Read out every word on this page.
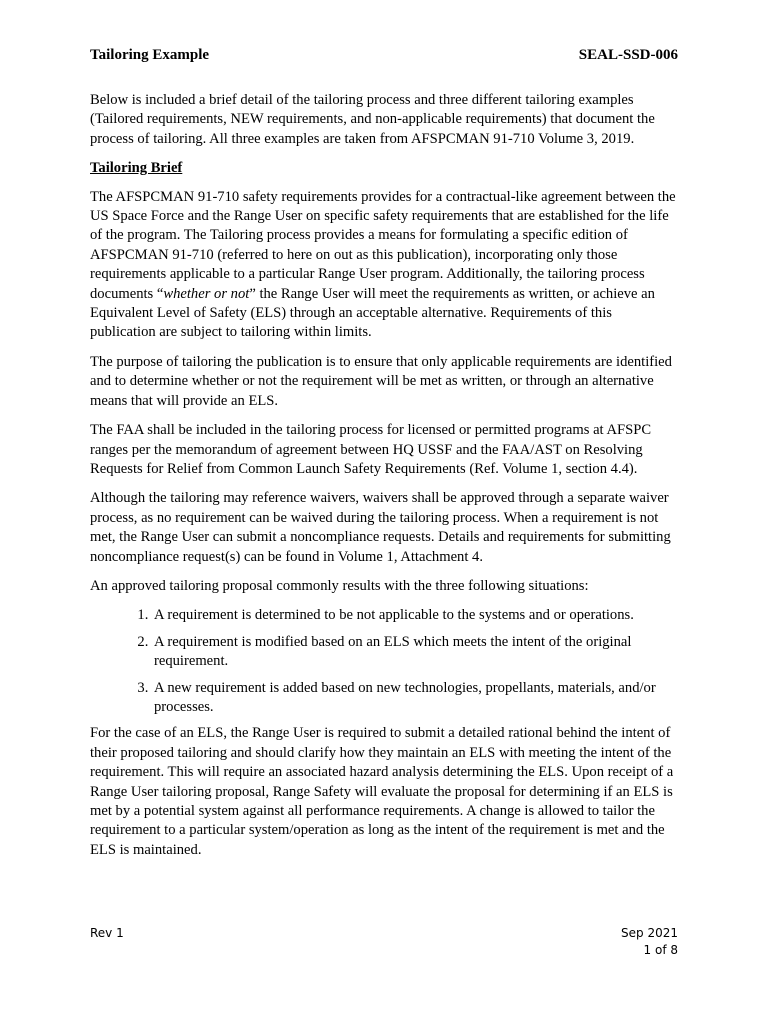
Tailoring Example	SEAL-SSD-006

Below is included a brief detail of the tailoring process and three different tailoring examples (Tailored requirements, NEW requirements, and non-applicable requirements) that document the process of tailoring. All three examples are taken from AFSPCMAN 91-710 Volume 3, 2019.

Tailoring Brief

The AFSPCMAN 91-710 safety requirements provides for a contractual-like agreement between the US Space Force and the Range User on specific safety requirements that are established for the life of the program. The Tailoring process provides a means for formulating a specific edition of AFSPCMAN 91-710 (referred to here on out as this publication), incorporating only those requirements applicable to a particular Range User program. Additionally, the tailoring process documents “whether or not” the Range User will meet the requirements as written, or achieve an Equivalent Level of Safety (ELS) through an acceptable alternative. Requirements of this publication are subject to tailoring within limits.

The purpose of tailoring the publication is to ensure that only applicable requirements are identified and to determine whether or not the requirement will be met as written, or through an alternative means that will provide an ELS.

The FAA shall be included in the tailoring process for licensed or permitted programs at AFSPC ranges per the memorandum of agreement between HQ USSF and the FAA/AST on Resolving Requests for Relief from Common Launch Safety Requirements (Ref. Volume 1, section 4.4).

Although the tailoring may reference waivers, waivers shall be approved through a separate waiver process, as no requirement can be waived during the tailoring process. When a requirement is not met, the Range User can submit a noncompliance requests. Details and requirements for submitting noncompliance request(s) can be found in Volume 1, Attachment 4.

An approved tailoring proposal commonly results with the three following situations:

1. A requirement is determined to be not applicable to the systems and or operations.
2. A requirement is modified based on an ELS which meets the intent of the original requirement.
3. A new requirement is added based on new technologies, propellants, materials, and/or processes.

For the case of an ELS, the Range User is required to submit a detailed rational behind the intent of their proposed tailoring and should clarify how they maintain an ELS with meeting the intent of the requirement. This will require an associated hazard analysis determining the ELS. Upon receipt of a Range User tailoring proposal, Range Safety will evaluate the proposal for determining if an ELS is met by a potential system against all performance requirements. A change is allowed to tailor the requirement to a particular system/operation as long as the intent of the requirement is met and the ELS is maintained.

Rev 1	Sep 2021
1 of 8
